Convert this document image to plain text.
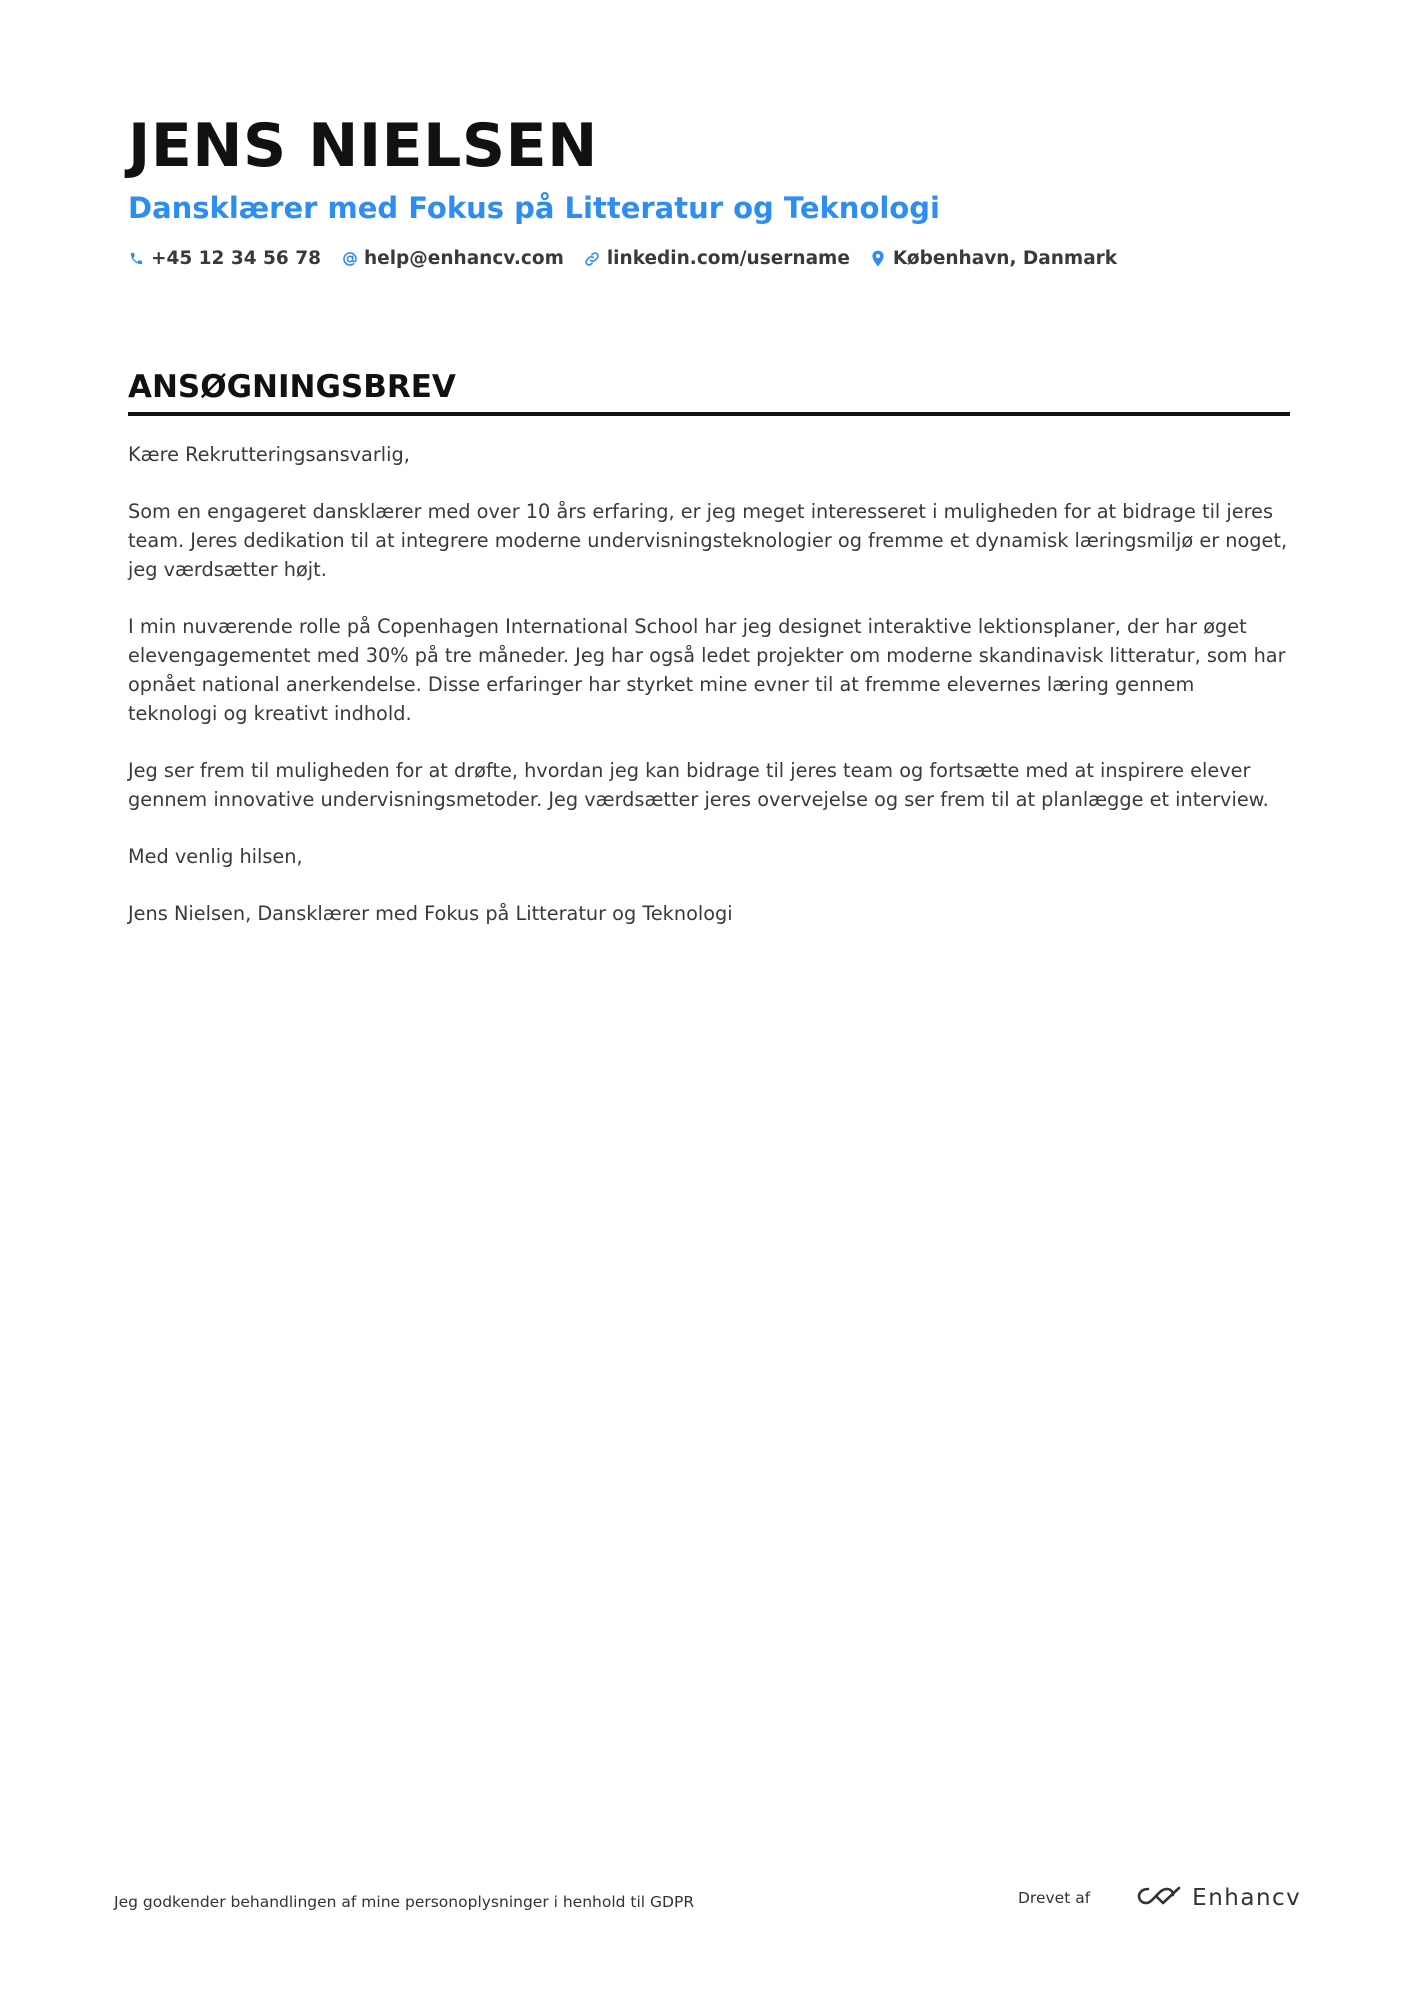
JENS NIELSEN
Dansklærer med Fokus på Litteratur og Teknologi
+45 12 34 56 78 help@enhancv.com linkedin.com/username København, Danmark
ANSØGNINGSBREV

Kære Rekrutteringsansvarlig,

Som en engageret dansklærer med over 10 års erfaring, er jeg meget interesseret i muligheden for at bidrage til jeres team. Jeres dedikation til at integrere moderne undervisningsteknologier og fremme et dynamisk læringsmiljø er noget, jeg værdsætter højt.

I min nuværende rolle på Copenhagen International School har jeg designet interaktive lektionsplaner, der har øget elevengagementet med 30% på tre måneder. Jeg har også ledet projekter om moderne skandinavisk litteratur, som har opnået national anerkendelse. Disse erfaringer har styrket mine evner til at fremme elevernes læring gennem teknologi og kreativt indhold.

Jeg ser frem til muligheden for at drøfte, hvordan jeg kan bidrage til jeres team og fortsætte med at inspirere elever gennem innovative undervisningsmetoder. Jeg værdsætter jeres overvejelse og ser frem til at planlægge et interview.

Med venlig hilsen,

Jens Nielsen, Dansklærer med Fokus på Litteratur og Teknologi

Jeg godkender behandlingen af mine personoplysninger i henhold til GDPR	Drevet af	Enhancv
